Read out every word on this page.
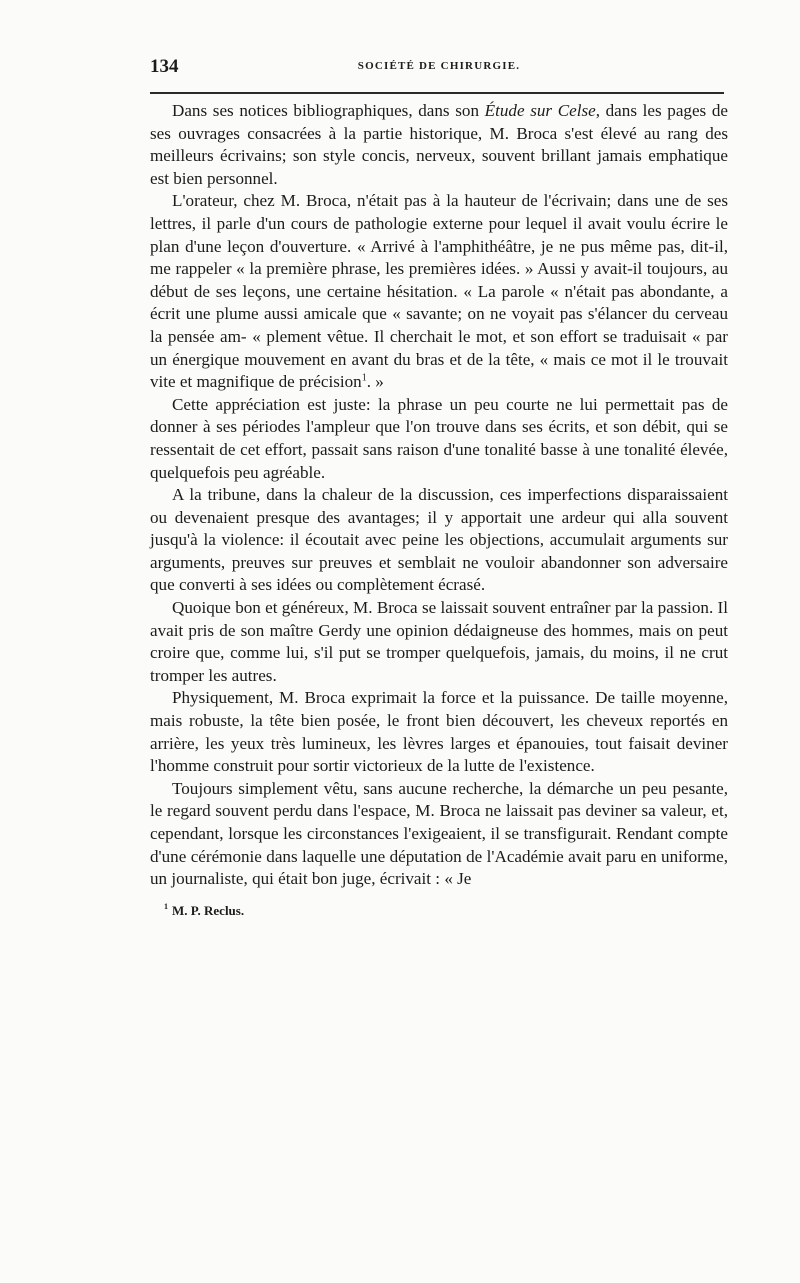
134	SOCIÉTÉ DE CHIRURGIE.

Dans ses notices bibliographiques, dans son Étude sur Celse, dans les pages de ses ouvrages consacrées à la partie historique, M. Broca s'est élevé au rang des meilleurs écrivains; son style concis, nerveux, souvent brillant jamais emphatique est bien personnel.

L'orateur, chez M. Broca, n'était pas à la hauteur de l'écrivain; dans une de ses lettres, il parle d'un cours de pathologie externe pour lequel il avait voulu écrire le plan d'une leçon d'ouverture. « Arrivé à l'amphithéâtre, je ne pus même pas, dit-il, me rappeler « la première phrase, les premières idées. » Aussi y avait-il toujours, au début de ses leçons, une certaine hésitation. « La parole « n'était pas abondante, a écrit une plume aussi amicale que « savante; on ne voyait pas s'élancer du cerveau la pensée am- « plement vêtue. Il cherchait le mot, et son effort se traduisait « par un énergique mouvement en avant du bras et de la tête, « mais ce mot il le trouvait vite et magnifique de précision$^1$. »

Cette appréciation est juste: la phrase un peu courte ne lui permettait pas de donner à ses périodes l'ampleur que l'on trouve dans ses écrits, et son débit, qui se ressentait de cet effort, passait sans raison d'une tonalité basse à une tonalité élevée, quelquefois peu agréable.

A la tribune, dans la chaleur de la discussion, ces imperfections disparaissaient ou devenaient presque des avantages; il y apportait une ardeur qui alla souvent jusqu'à la violence: il écoutait avec peine les objections, accumulait arguments sur arguments, preuves sur preuves et semblait ne vouloir abandonner son adversaire que converti à ses idées ou complètement écrasé.

Quoique bon et généreux, M. Broca se laissait souvent entraîner par la passion. Il avait pris de son maître Gerdy une opinion dédaigneuse des hommes, mais on peut croire que, comme lui, s'il put se tromper quelquefois, jamais, du moins, il ne crut tromper les autres.

Physiquement, M. Broca exprimait la force et la puissance. De taille moyenne, mais robuste, la tête bien posée, le front bien découvert, les cheveux reportés en arrière, les yeux très lumineux, les lèvres larges et épanouies, tout faisait deviner l'homme construit pour sortir victorieux de la lutte de l'existence.

Toujours simplement vêtu, sans aucune recherche, la démarche un peu pesante, le regard souvent perdu dans l'espace, M. Broca ne laissait pas deviner sa valeur, et, cependant, lorsque les circonstances l'exigeaient, il se transfigurait. Rendant compte d'une cérémonie dans laquelle une députation de l'Académie avait paru en uniforme, un journaliste, qui était bon juge, écrivait : « Je

$^1$ M. P. Reclus.
